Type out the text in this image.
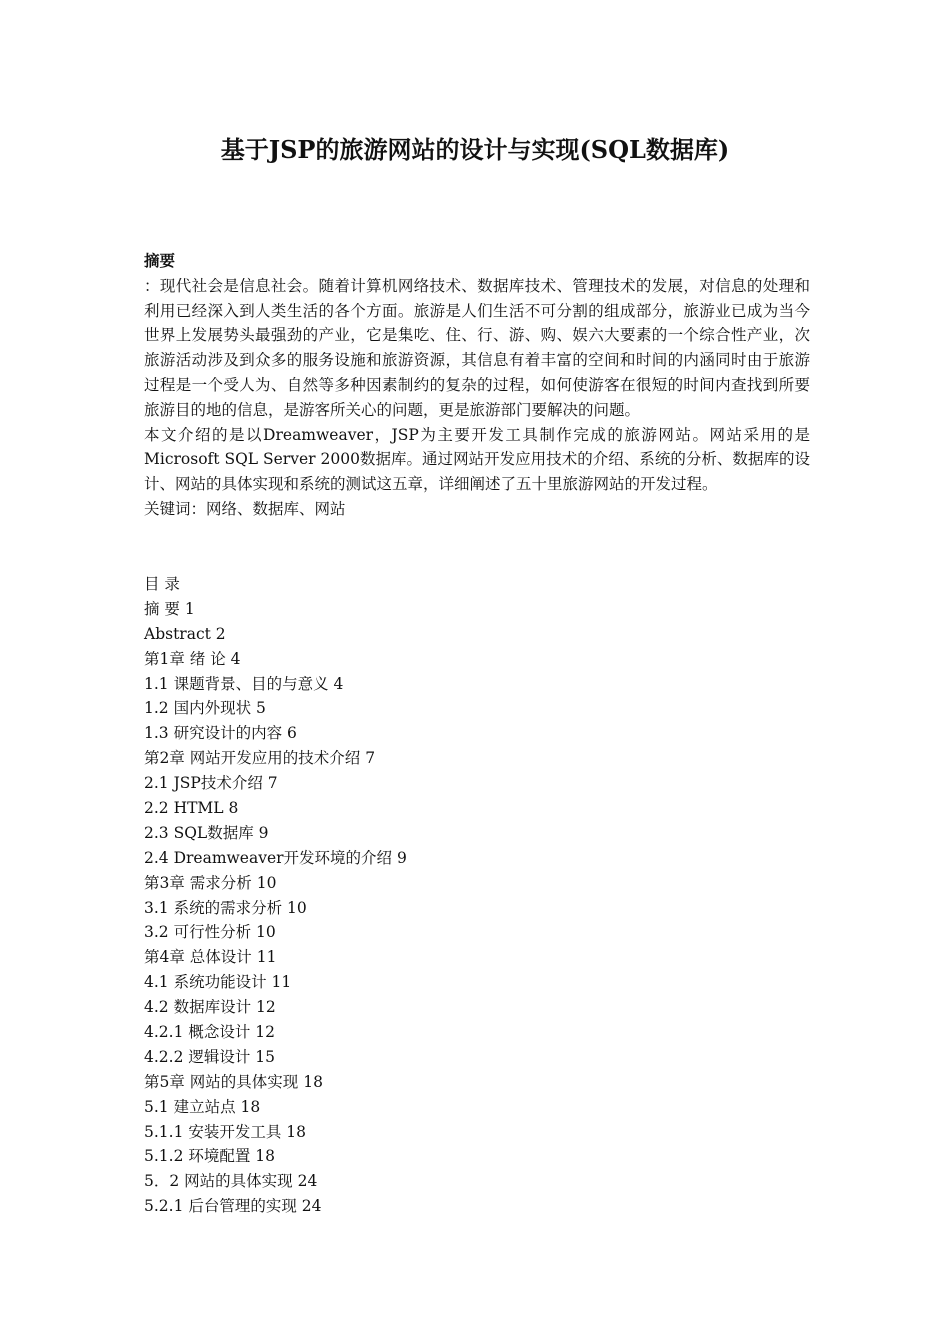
基于JSP的旅游网站的设计与实现(SQL数据库)
摘要

：现代社会是信息社会。随着计算机网络技术、数据库技术、管理技术的发展，对信息的处理和利用已经深入到人类生活的各个方面。旅游是人们生活不可分割的组成部分，旅游业已成为当今世界上发展势头最强劲的产业，它是集吃、住、行、游、购、娱六大要素的一个综合性产业，次旅游活动涉及到众多的服务设施和旅游资源，其信息有着丰富的空间和时间的内涵同时由于旅游过程是一个受人为、自然等多种因素制约的复杂的过程，如何使游客在很短的时间内查找到所要旅游目的地的信息，是游客所关心的问题，更是旅游部门要解决的问题。

本文介绍的是以Dreamweaver，JSP为主要开发工具制作完成的旅游网站。网站采用的是Microsoft SQL Server 2000数据库。通过网站开发应用技术的介绍、系统的分析、数据库的设计、网站的具体实现和系统的测试这五章，详细阐述了五十里旅游网站的开发过程。

关键词：网络、数据库、网站

目 录
摘 要 1
Abstract 2
第1章 绪 论 4
1.1 课题背景、目的与意义 4
1.2 国内外现状 5
1.3 研究设计的内容 6
第2章 网站开发应用的技术介绍 7
2.1 JSP技术介绍 7
2.2 HTML 8
2.3 SQL数据库 9
2.4 Dreamweaver开发环境的介绍 9
第3章 需求分析 10
3.1 系统的需求分析 10
3.2 可行性分析 10
第4章 总体设计 11
4.1 系统功能设计 11
4.2 数据库设计 12
4.2.1 概念设计 12
4.2.2 逻辑设计 15
第5章 网站的具体实现 18
5.1 建立站点 18
5.1.1 安装开发工具 18
5.1.2 环境配置 18
5．2 网站的具体实现 24
5.2.1 后台管理的实现 24
